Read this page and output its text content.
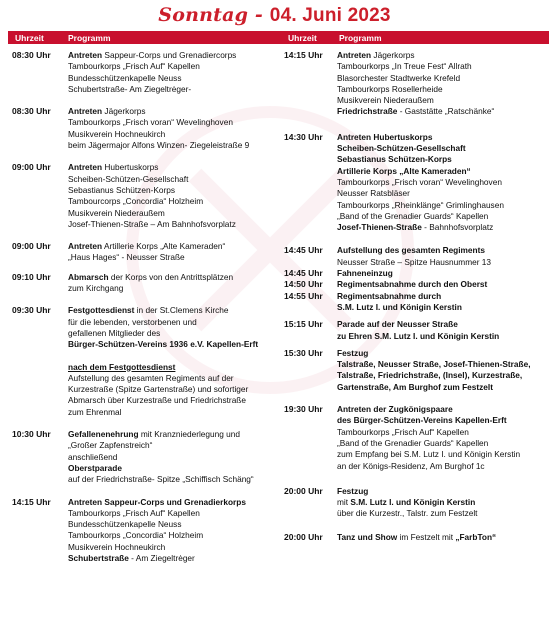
Sonntag - 04. Juni 2023
Uhrzeit	Programm	Uhrzeit	Programm
08:30 Uhr Antreten Sappeur-Corps und Grenadiercorps
Tambourkorps „Frisch Auf“ Kapellen
Bundesschützenkapelle Neuss
Schubertstraße- Am Ziegeltrėger-
08:30 Uhr Antreten Jägerkorps
Tambourkorps „Frisch voran“ Wevelinghoven
Musikverein Hochneukirch
beim Jägermajor Alfons Winzen- Ziegeleistraße 9
09:00 Uhr Antreten Hubertuskorps
Scheiben-Schützen-Gesellschaft
Sebastianus Schützen-Korps
Tambourcorps „Concordia“ Holzheim
Musikverein Niederaußem
Josef-Thienen-Straße – Am Bahnhofsvorplatz
09:00 Uhr Antreten Artillerie Korps „Alte Kameraden“
„Haus Hages“ - Neusser Straße
09:10 Uhr Abmarsch der Korps von den Antrittsplätzen
zum Kirchgang
09:30 Uhr Festgottesdienst in der St.Clemens Kirche
für die lebenden, verstorbenen und
gefallenen Mitglieder des
Bürger-Schützen-Vereins 1936 e.V. Kapellen-Erft
nach dem Festgottesdienst
Aufstellung des gesamten Regiments auf der
Kurzestraße (Spitze Gartenstraße) und sofortiger
Abmarsch über Kurzestraße und Friedrichstraße
zum Ehrenmal
10:30 Uhr Gefallenenehrung mit Kranzniederlegung und
„Großer Zapfenstreich“
anschließend
Oberstparade
auf der Friedrichstraße- Spitze „Schiffisch Schäng“
14:15 Uhr Antreten Sappeur-Corps und Grenadierkorps
Tambourkorps „Frisch Auf“ Kapellen
Bundesschützenkapelle Neuss
Tambourkorps „Concordia“ Holzheim
Musikverein Hochneukirch
Schubertstraße - Am Ziegeltrėger
14:15 Uhr Antreten Jägerkorps
Tambourkorps „In Treue Fest“ Allrath
Blasorchester Stadtwerke Krefeld
Tambourkorps Rosellerheide
Musikverein Niederaußem
Friedrichstraße - Gaststätte „Ratschänke“
14:30 Uhr Antreten Hubertuskorps
Scheiben-Schützen-Gesellschaft
Sebastianus Schützen-Korps
Artillerie Korps „Alte Kameraden“
Tambourkorps „Frisch voran“ Wevelinghoven
Neusser Ratsbläser
Tambourkorps „Rheinklänge“ Grimlinghausen
„Band of the Grenadier Guards“ Kapellen
Josef-Thienen-Straße - Bahnhofsvorplatz
14:45 Uhr Aufstellung des gesamten Regiments
Neusser Straße – Spitze Hausnummer 13
14:45 Uhr Fahneneinzug
14:50 Uhr Regimentsabnahme durch den Oberst
14:55 Uhr Regimentsabnahme durch
S.M. Lutz I. und Königin Kerstin
15:15 Uhr Parade auf der Neusser Straße
zu Ehren S.M. Lutz I. und Königin Kerstin
15:30 Uhr Festzug
Talstraße, Neusser Straße, Josef-Thienen-Straße,
Talstraße, Friedrichstraße, (Insel), Kurzestraße,
Gartenstraße, Am Burghof zum Festzelt
19:30 Uhr Antreten der Zugkönigspaare
des Bürger-Schützen-Vereins Kapellen-Erft
Tambourkorps „Frisch Auf“ Kapellen
„Band of the Grenadier Guards“ Kapellen
zum Empfang bei S.M. Lutz I. und Königin Kerstin
an der Königs-Residenz, Am Burghof 1c
20:00 Uhr Festzug
mit S.M. Lutz I. und Königin Kerstin
über die Kurzestr., Talstr. zum Festzelt
20:00 Uhr Tanz und Show im Festzelt mit „FarbTon“
